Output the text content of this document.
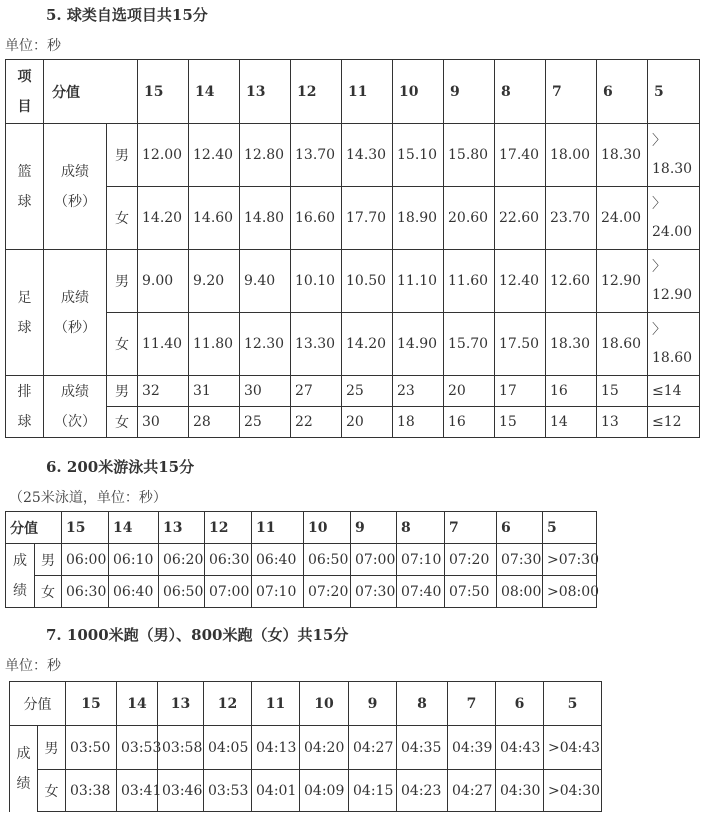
5. 球类自选项目共15分
单位：秒
项
目	分值		15	14	13	12	11	10	9	8	7	6	5

篮
球	成绩
（秒）	男	12.00	12.40	12.80	13.70	14.30	15.10	15.80	17.40	18.00	18.30	〉
18.30

		女	14.20	14.60	14.80	16.60	17.70	18.90	20.60	22.60	23.70	24.00	〉
24.00

足
球	成绩
（秒）	男	9.00	9.20	9.40	10.10	10.50	11.10	11.60	12.40	12.60	12.90	〉
12.90

		女	11.40	11.80	12.30	13.30	14.20	14.90	15.70	17.50	18.30	18.60	〉
18.60

排
球	成绩
（次）	男	32	31	30	27	25	23	20	17	16	15	≤14
		女	30	28	25	22	20	18	16	15	14	13	≤12
6. 200米游泳共15分
（25米泳道，单位：秒）
分值		15	14	13	12	11	10	9	8	7	6	5

成
绩	男	06:00	06:10	06:20	06:30	06:40	06:50	07:00	07:10	07:20	07:30	>07:30
	女	06:30	06:40	06:50	07:00	07:10	07:20	07:30	07:40	07:50	08:00	>08:00
7. 1000米跑（男）、800米跑（女）共15分
单位：秒
分值		15	14	13	12	11	10	9	8	7	6	5

成
绩	男	03:50	03:53	03:58	04:05	04:13	04:20	04:27	04:35	04:39	04:43	>04:43
	女	03:38	03:41	03:46	03:53	04:01	04:09	04:15	04:23	04:27	04:30	>04:30
